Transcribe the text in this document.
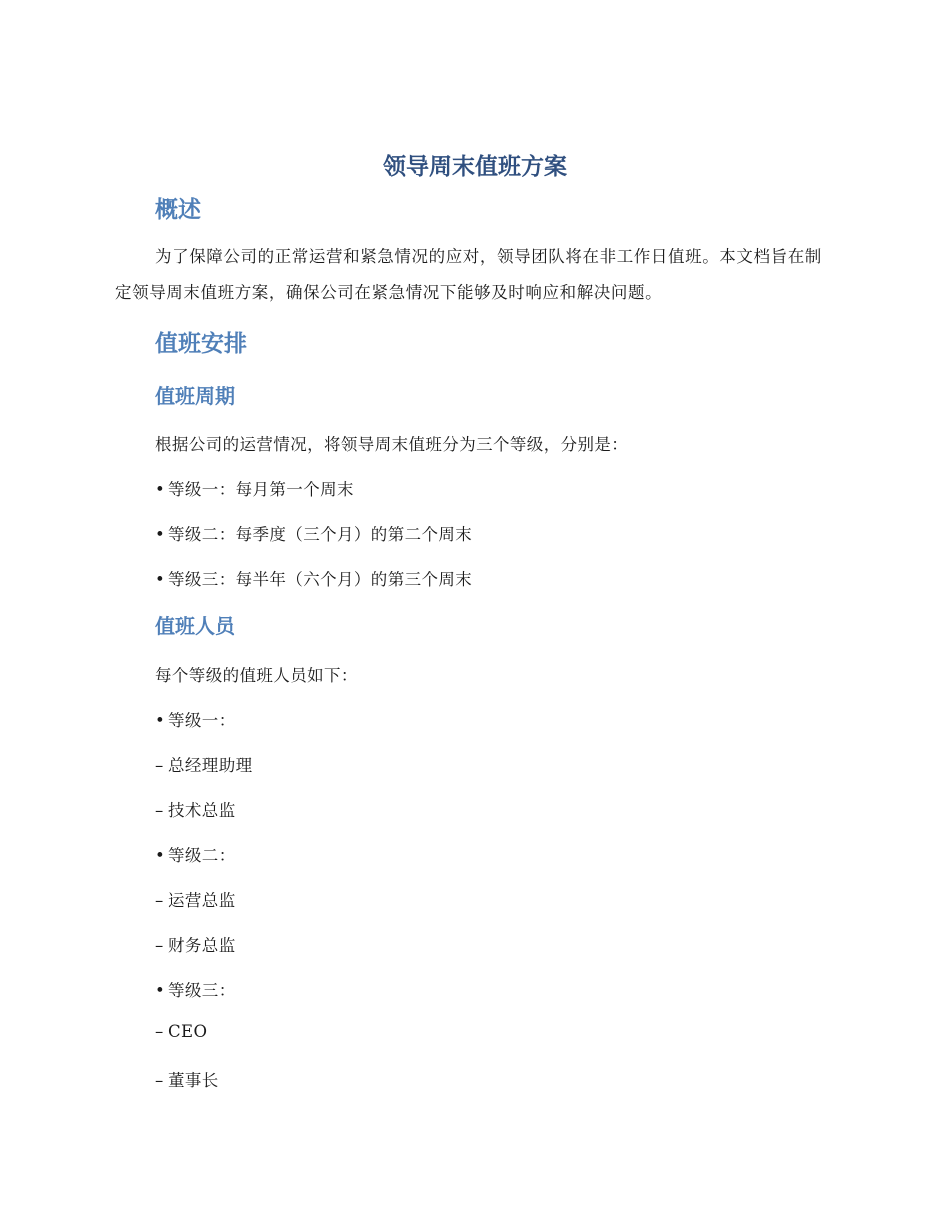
领导周末值班方案
概述

为了保障公司的正常运营和紧急情况的应对，领导团队将在非工作日值班。本文档旨在制定领导周末值班方案，确保公司在紧急情况下能够及时响应和解决问题。

值班安排
值班周期

根据公司的运营情况，将领导周末值班分为三个等级，分别是：

• 等级一：每月第一个周末

• 等级二：每季度（三个月）的第二个周末

• 等级三：每半年（六个月）的第三个周末

值班人员

每个等级的值班人员如下：

• 等级一：

– 总经理助理

– 技术总监

• 等级二：

– 运营总监

– 财务总监

• 等级三：

– CEO

– 董事长
